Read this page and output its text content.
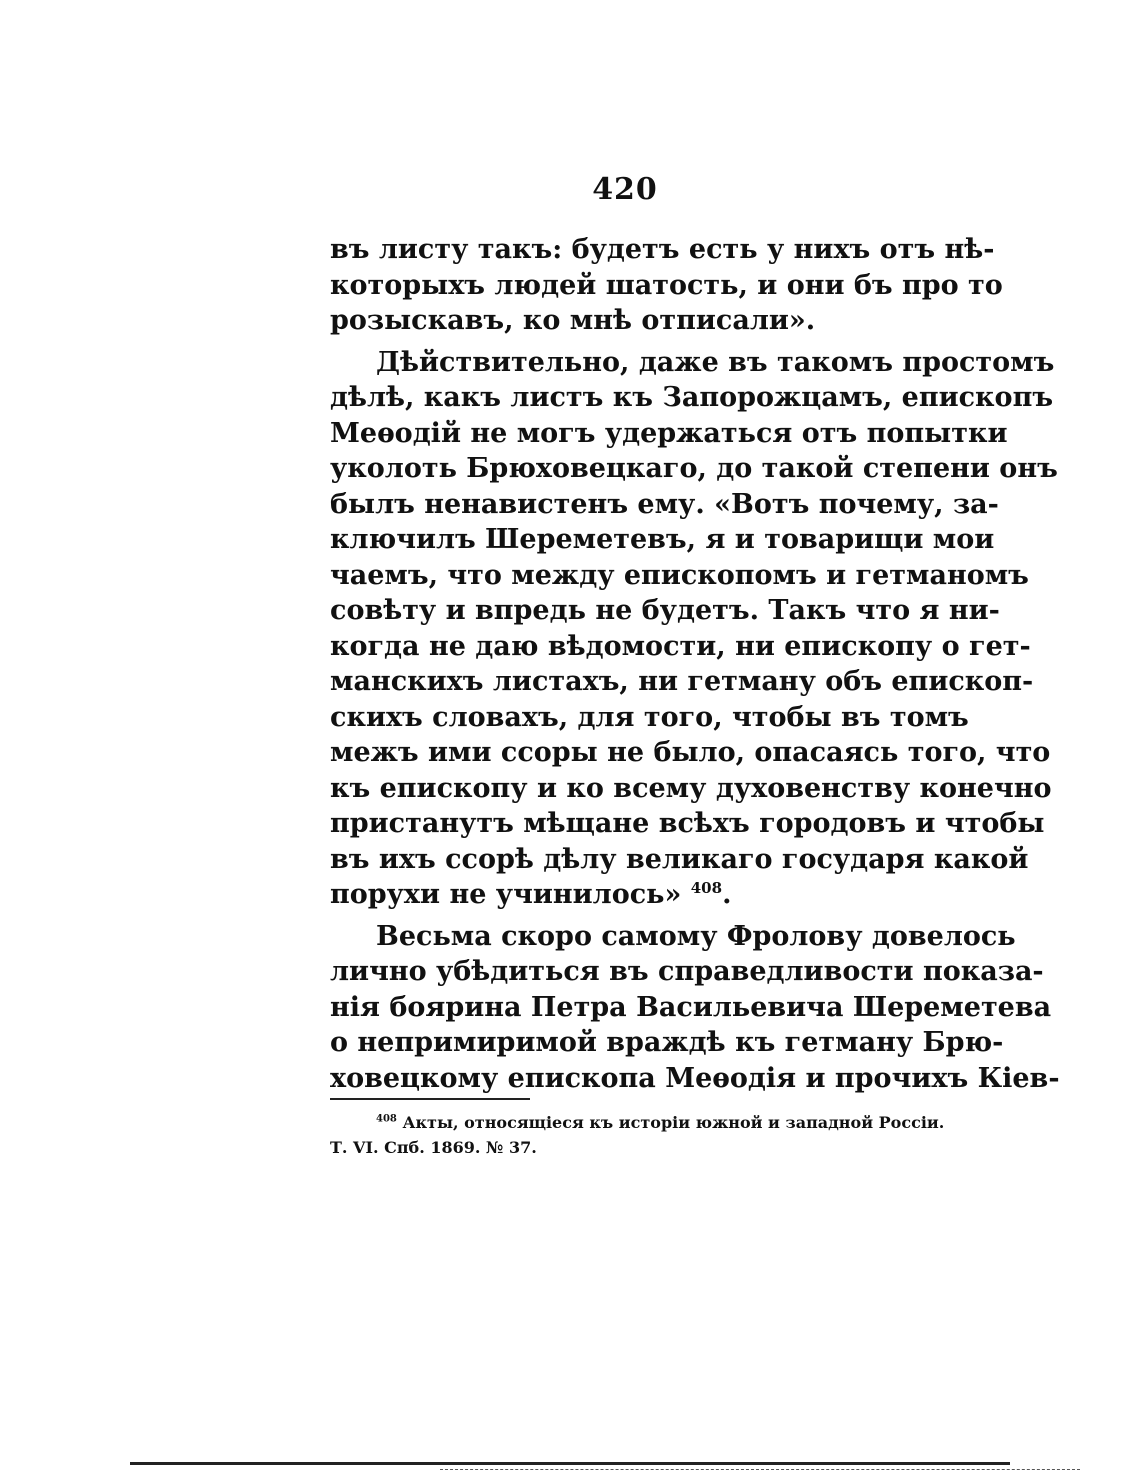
420
въ листу такъ: будетъ есть у нихъ отъ нѣ-
которыхъ людей шатость, и они бъ про то
розыскавъ, ко мнѣ отписали».
Дѣйствительно, даже въ такомъ простомъ
дѣлѣ, какъ листъ къ Запорожцамъ, епископъ
Меѳодій не могъ удержаться отъ попытки
уколоть Брюховецкаго, до такой степени онъ
былъ ненавистенъ ему. «Вотъ почему, за-
ключилъ Шереметевъ, я и товарищи мои
чаемъ, что между епископомъ и гетманомъ
совѣту и впредь не будетъ. Такъ что я ни-
когда не даю вѣдомости, ни епископу о гет-
манскихъ листахъ, ни гетману объ епископ-
скихъ словахъ, для того, чтобы въ томъ
межъ ими ссоры не было, опасаясь того, что
къ епископу и ко всему духовенству конечно
пристанутъ мѣщане всѣхъ городовъ и чтобы
въ ихъ ссорѣ дѣлу великаго государя какой
порухи не учинилось» $^{408}$.
Весьма скоро самому Фролову довелось
лично убѣдиться въ справедливости показа-
нія боярина Петра Васильевича Шереметева
о непримиримой враждѣ къ гетману Брю-
ховецкому епископа Меѳодія и прочихъ Кіев-
$^{408}$ Акты, относящіеся къ исторіи южной и западной Россіи.
Т. VI. Спб. 1869. № 37.
